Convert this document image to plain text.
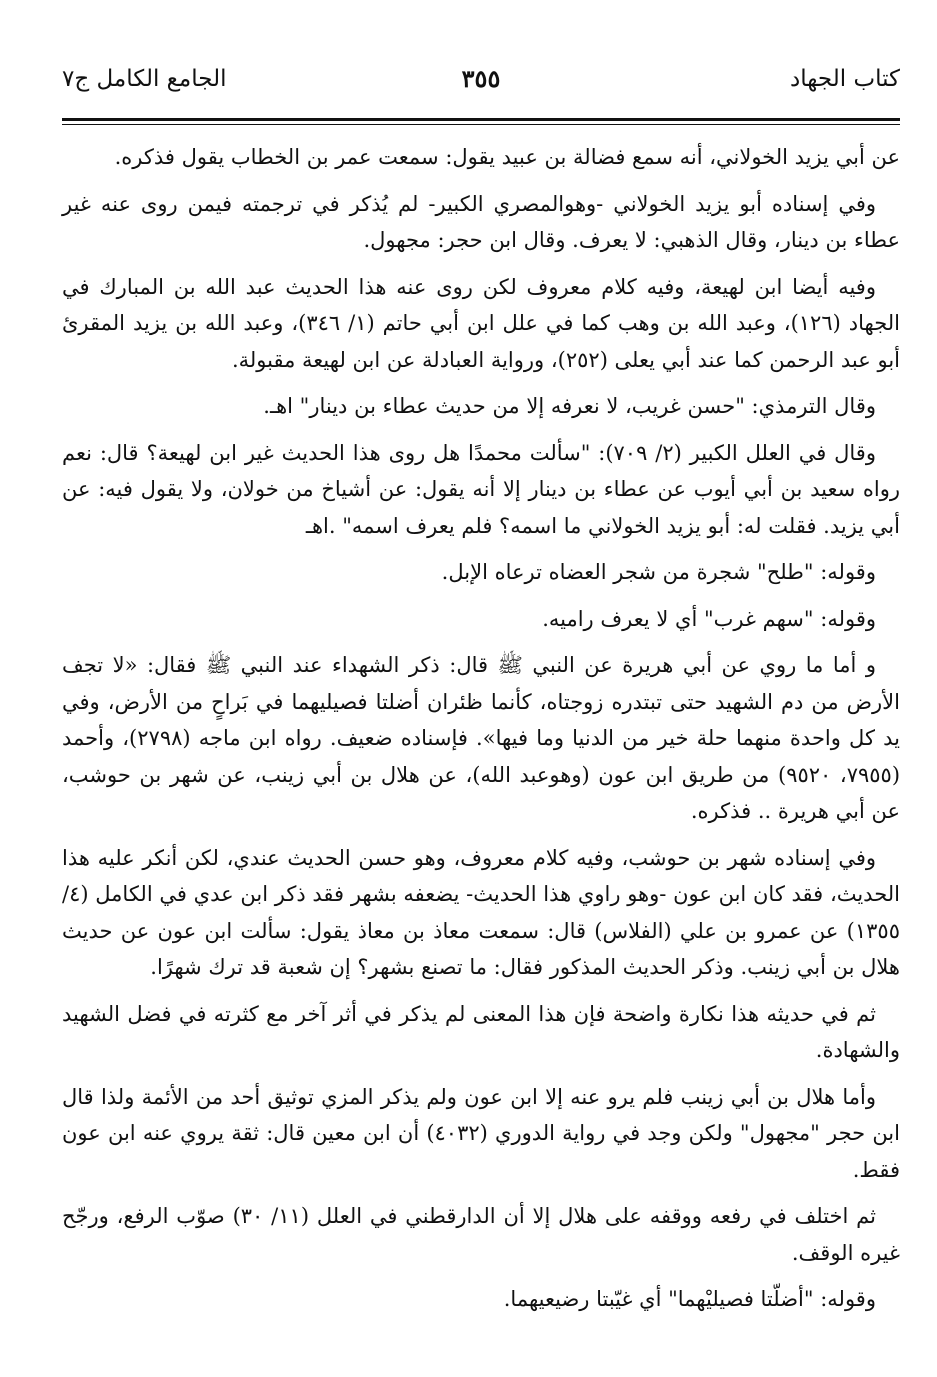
كتاب الجهاد
٣٥٥
الجامع الكامل ج٧

عن أبي يزيد الخولاني، أنه سمع فضالة بن عبيد يقول: سمعت عمر بن الخطاب يقول فذكره.

وفي إسناده أبو يزيد الخولاني -وهوالمصري الكبير- لم يُذكر في ترجمته فيمن روى عنه غير عطاء بن دينار، وقال الذهبي: لا يعرف. وقال ابن حجر: مجهول.

وفيه أيضا ابن لهيعة، وفيه كلام معروف لكن روى عنه هذا الحديث عبد الله بن المبارك في الجهاد (١٢٦)، وعبد الله بن وهب كما في علل ابن أبي حاتم (١/ ٣٤٦)، وعبد الله بن يزيد المقرئ أبو عبد الرحمن كما عند أبي يعلى (٢٥٢)، ورواية العبادلة عن ابن لهيعة مقبولة.

وقال الترمذي: "حسن غريب، لا نعرفه إلا من حديث عطاء بن دينار" اهـ.

وقال في العلل الكبير (٢/ ٧٠٩): "سألت محمدًا هل روى هذا الحديث غير ابن لهيعة؟ قال: نعم رواه سعيد بن أبي أيوب عن عطاء بن دينار إلا أنه يقول: عن أشياخ من خولان، ولا يقول فيه: عن أبي يزيد. فقلت له: أبو يزيد الخولاني ما اسمه؟ فلم يعرف اسمه" .اهـ

وقوله: "طلح" شجرة من شجر العضاه ترعاه الإبل.

وقوله: "سهم غرب" أي لا يعرف راميه.

و أما ما روي عن أبي هريرة عن النبي ﷺ قال: ذكر الشهداء عند النبي ﷺ فقال: «لا تجف الأرض من دم الشهيد حتى تبتدره زوجتاه، كأنما ظئران أضلتا فصيليهما في بَراحٍ من الأرض، وفي يد كل واحدة منهما حلة خير من الدنيا وما فيها». فإسناده ضعيف. رواه ابن ماجه (٢٧٩٨)، وأحمد (٧٩٥٥، ٩٥٢٠) من طريق ابن عون (وهوعبد الله)، عن هلال بن أبي زينب، عن شهر بن حوشب، عن أبي هريرة .. فذكره.

وفي إسناده شهر بن حوشب، وفيه كلام معروف، وهو حسن الحديث عندي، لكن أنكر عليه هذا الحديث، فقد كان ابن عون -وهو راوي هذا الحديث- يضعفه بشهر فقد ذكر ابن عدي في الكامل (٤/ ١٣٥٥) عن عمرو بن علي (الفلاس) قال: سمعت معاذ بن معاذ يقول: سألت ابن عون عن حديث هلال بن أبي زينب. وذكر الحديث المذكور فقال: ما تصنع بشهر؟ إن شعبة قد ترك شهرًا.

ثم في حديثه هذا نكارة واضحة فإن هذا المعنى لم يذكر في أثر آخر مع كثرته في فضل الشهيد والشهادة.

وأما هلال بن أبي زينب فلم يرو عنه إلا ابن عون ولم يذكر المزي توثيق أحد من الأئمة ولذا قال ابن حجر "مجهول" ولكن وجد في رواية الدوري (٤٠٣٢) أن ابن معين قال: ثقة يروي عنه ابن عون فقط.

ثم اختلف في رفعه ووقفه على هلال إلا أن الدارقطني في العلل (١١/ ٣٠) صوّب الرفع، ورجّح غيره الوقف.

وقوله: "أضلّتا فصيليْهما" أي غيّبتا رضيعيهما.
